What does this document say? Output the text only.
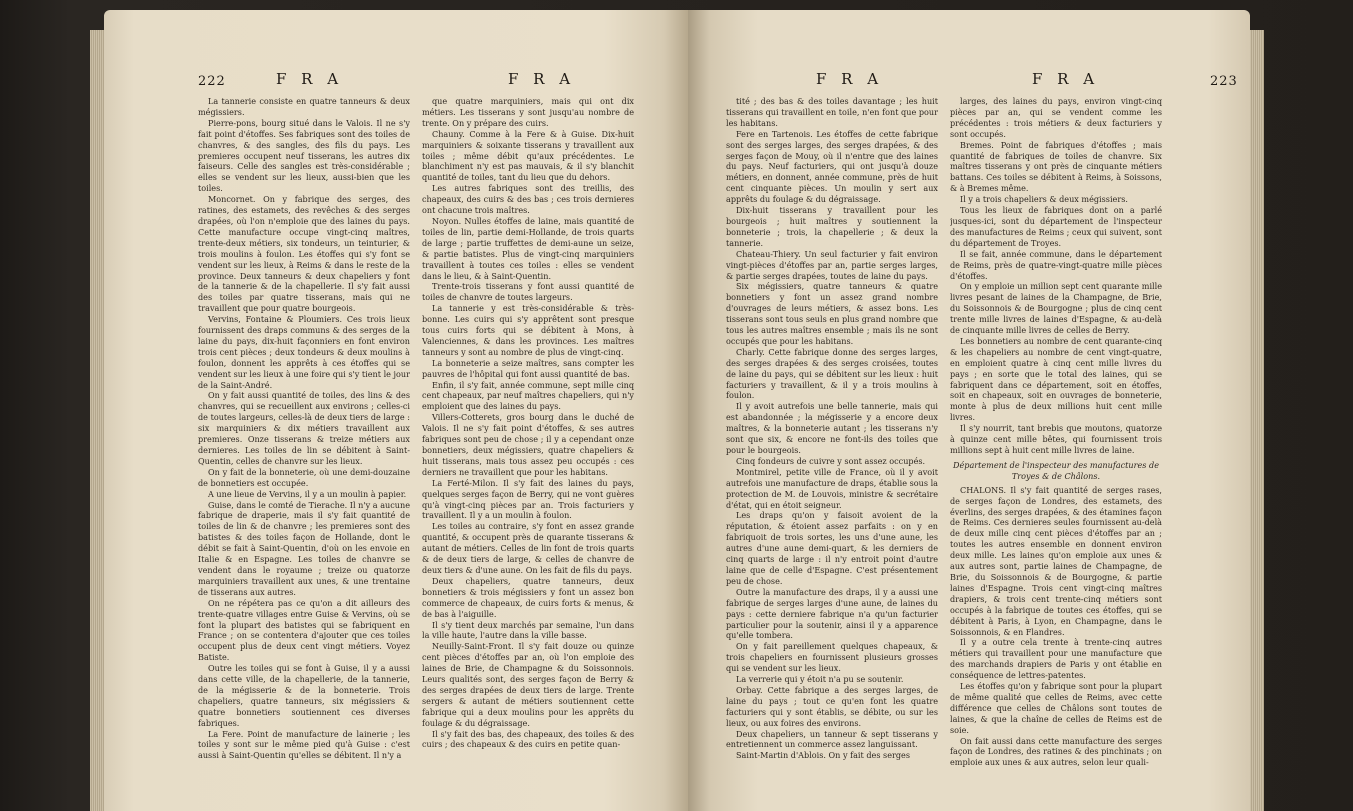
222	F R A	F R A

La tannerie consiste en quatre tanneurs & deux mégissiers.

Pierre-pons, bourg situé dans le Valois. Il ne s'y fait point d'étoffes. Ses fabriques sont des toiles de chanvres, & des sangles, des fils du pays. Les premieres occupent neuf tisserans, les autres dix faiseurs. Celle des sangles est très-considérable ; elles se vendent sur les lieux, aussi-bien que les toiles.

Moncornet. On y fabrique des serges, des ratines, des estamets, des revêches & des serges drapées, où l'on n'emploie que des laines du pays. Cette manufacture occupe vingt-cinq maîtres, trente-deux métiers, six tondeurs, un teinturier, & trois moulins à foulon. Les étoffes qui s'y font se vendent sur les lieux, à Reims & dans le reste de la province. Deux tanneurs & deux chapeliers y font de la tannerie & de la chapellerie. Il s'y fait aussi des toiles par quatre tisserans, mais qui ne travaillent que pour quatre bourgeois.

Vervins, Fontaine & Ploumiers. Ces trois lieux fournissent des draps communs & des serges de la laine du pays, dix-huit façonniers en font environ trois cent pièces ; deux tondeurs & deux moulins à foulon, donnent les apprêts à ces étoffes qui se vendent sur les lieux à une foire qui s'y tient le jour de la Saint-André.

On y fait aussi quantité de toiles, des lins & des chanvres, qui se recueillent aux environs ; celles-ci de toutes largeurs, celles-là de deux tiers de large : six marquiniers & dix métiers travaillent aux premieres. Onze tisserans & treize métiers aux dernieres. Les toiles de lin se débitent à Saint-Quentin, celles de chanvre sur les lieux.

On y fait de la bonneterie, où une demi-douzaine de bonnetiers est occupée.

A une lieue de Vervins, il y a un moulin à papier.

Guise, dans le comté de Tierache. Il n'y a aucune fabrique de draperie, mais il s'y fait quantité de toiles de lin & de chanvre ; les premieres sont des batistes & des toiles façon de Hollande, dont le débit se fait à Saint-Quentin, d'où on les envoie en Italie & en Espagne. Les toiles de chanvre se vendent dans le royaume ; treize ou quatorze marquiniers travaillent aux unes, & une trentaine de tisserans aux autres.

On ne répétera pas ce qu'on a dit ailleurs des trente-quatre villages entre Guise & Vervins, où se font la plupart des batistes qui se fabriquent en France ; on se contentera d'ajouter que ces toiles occupent plus de deux cent vingt métiers. Voyez Batiste.

Outre les toiles qui se font à Guise, il y a aussi dans cette ville, de la chapellerie, de la tannerie, de la mégisserie & de la bonneterie. Trois chapeliers, quatre tanneurs, six mégissiers & quatre bonnetiers soutiennent ces diverses fabriques.

La Fere. Point de manufacture de lainerie ; les toiles y sont sur le même pied qu'à Guise : c'est aussi à Saint-Quentin qu'elles se débitent. Il n'y a

que quatre marquiniers, mais qui ont dix métiers. Les tisserans y sont jusqu'au nombre de trente. On y prépare des cuirs.

Chauny. Comme à la Fere & à Guise. Dix-huit marquiniers & soixante tisserans y travaillent aux toiles ; même débit qu'aux précédentes. Le blanchiment n'y est pas mauvais, & il s'y blanchit quantité de toiles, tant du lieu que du dehors.

Les autres fabriques sont des treillis, des chapeaux, des cuirs & des bas ; ces trois dernieres ont chacune trois maîtres.

Noyon. Nulles étoffes de laine, mais quantité de toiles de lin, partie demi-Hollande, de trois quarts de large ; partie truffettes de demi-aune un seize, & partie batistes. Plus de vingt-cinq marquiniers travaillent à toutes ces toiles : elles se vendent dans le lieu, & à Saint-Quentin.

Trente-trois tisserans y font aussi quantité de toiles de chanvre de toutes largeurs.

La tannerie y est très-considérable & très-bonne. Les cuirs qui s'y apprêtent sont presque tous cuirs forts qui se débitent à Mons, à Valenciennes, & dans les provinces. Les maîtres tanneurs y sont au nombre de plus de vingt-cinq.

La bonneterie a seize maîtres, sans compter les pauvres de l'hôpital qui font aussi quantité de bas.

Enfin, il s'y fait, année commune, sept mille cinq cent chapeaux, par neuf maîtres chapeliers, qui n'y emploient que des laines du pays.

Villers-Cotterets, gros bourg dans le duché de Valois. Il ne s'y fait point d'étoffes, & ses autres fabriques sont peu de chose ; il y a cependant onze bonnetiers, deux mégissiers, quatre chapeliers & huit tisserans, mais tous assez peu occupés : ces derniers ne travaillent que pour les habitans.

La Ferté-Milon. Il s'y fait des laines du pays, quelques serges façon de Berry, qui ne vont guères qu'à vingt-cinq pièces par an. Trois facturiers y travaillent. Il y a un moulin à foulon.

Les toiles au contraire, s'y font en assez grande quantité, & occupent près de quarante tisserans & autant de métiers. Celles de lin font de trois quarts & de deux tiers de large, & celles de chanvre de deux tiers & d'une aune. On les fait de fils du pays.

Deux chapeliers, quatre tanneurs, deux bonnetiers & trois mégissiers y font un assez bon commerce de chapeaux, de cuirs forts & menus, & de bas à l'aiguille.

Il s'y tient deux marchés par semaine, l'un dans la ville haute, l'autre dans la ville basse.

Neuilly-Saint-Front. Il s'y fait douze ou quinze cent pièces d'étoffes par an, où l'on emploie des laines de Brie, de Champagne & du Soissonnois. Leurs qualités sont, des serges façon de Berry & des serges drapées de deux tiers de large. Trente sergers & autant de métiers soutiennent cette fabrique qui a deux moulins pour les apprêts du foulage & du dégraissage.

Il s'y fait des bas, des chapeaux, des toiles & des cuirs ; des chapeaux & des cuirs en petite quan-

F R A	F R A	223

tité ; des bas & des toiles davantage ; les huit tisserans qui travaillent en toile, n'en font que pour les habitans.

Fere en Tartenois. Les étoffes de cette fabrique sont des serges larges, des serges drapées, & des serges façon de Mouy, où il n'entre que des laines du pays. Neuf facturiers, qui ont jusqu'à douze métiers, en donnent, année commune, près de huit cent cinquante pièces. Un moulin y sert aux apprêts du foulage & du dégraissage.

Dix-huit tisserans y travaillent pour les bourgeois ; huit maîtres y soutiennent la bonneterie ; trois, la chapellerie ; & deux la tannerie.

Chateau-Thiery. Un seul facturier y fait environ vingt-pièces d'étoffes par an, partie serges larges, & partie serges drapées, toutes de laine du pays.

Six mégissiers, quatre tanneurs & quatre bonnetiers y font un assez grand nombre d'ouvrages de leurs métiers, & assez bons. Les tisserans sont tous seuls en plus grand nombre que tous les autres maîtres ensemble ; mais ils ne sont occupés que pour les habitans.

Charly. Cette fabrique donne des serges larges, des serges drapées & des serges croisées, toutes de laine du pays, qui se débitent sur les lieux : huit facturiers y travaillent, & il y a trois moulins à foulon.

Il y avoit autrefois une belle tannerie, mais qui est abandonnée ; la mégisserie y a encore deux maîtres, & la bonneterie autant ; les tisserans n'y sont que six, & encore ne font-ils des toiles que pour le bourgeois.

Cinq fondeurs de cuivre y sont assez occupés.

Montmirel, petite ville de France, où il y avoit autrefois une manufacture de draps, établie sous la protection de M. de Louvois, ministre & secrétaire d'état, qui en étoit seigneur.

Les draps qu'on y faisoit avoient de la réputation, & étoient assez parfaits : on y en fabriquoit de trois sortes, les uns d'une aune, les autres d'une aune demi-quart, & les derniers de cinq quarts de large : il n'y entroit point d'autre laine que de celle d'Espagne. C'est présentement peu de chose.

Outre la manufacture des draps, il y a aussi une fabrique de serges larges d'une aune, de laines du pays : cette derniere fabrique n'a qu'un facturier particulier pour la soutenir, ainsi il y a apparence qu'elle tombera.

On y fait pareillement quelques chapeaux, & trois chapeliers en fournissent plusieurs grosses qui se vendent sur les lieux.

La verrerie qui y étoit n'a pu se soutenir.

Orbay. Cette fabrique a des serges larges, de laine du pays ; tout ce qu'en font les quatre facturiers qui y sont établis, se débite, ou sur les lieux, ou aux foires des environs.

Deux chapeliers, un tanneur & sept tisserans y entretiennent un commerce assez languissant.

Saint-Martin d'Ablois. On y fait des serges

larges, des laines du pays, environ vingt-cinq pièces par an, qui se vendent comme les précédentes : trois métiers & deux facturiers y sont occupés.

Bremes. Point de fabriques d'étoffes ; mais quantité de fabriques de toiles de chanvre. Six maîtres tisserans y ont près de cinquante métiers battans. Ces toiles se débitent à Reims, à Soissons, & à Bremes même.

Il y a trois chapeliers & deux mégissiers.

Tous les lieux de fabriques dont on a parlé jusques-ici, sont du département de l'inspecteur des manufactures de Reims ; ceux qui suivent, sont du département de Troyes.

Il se fait, année commune, dans le département de Reims, près de quatre-vingt-quatre mille pièces d'étoffes.

On y emploie un million sept cent quarante mille livres pesant de laines de la Champagne, de Brie, du Soissonnois & de Bourgogne ; plus de cinq cent trente mille livres de laines d'Espagne, & au-delà de cinquante mille livres de celles de Berry.

Les bonnetiers au nombre de cent quarante-cinq & les chapeliers au nombre de cent vingt-quatre, en emploient quatre à cinq cent mille livres du pays ; en sorte que le total des laines, qui se fabriquent dans ce département, soit en étoffes, soit en chapeaux, soit en ouvrages de bonneterie, monte à plus de deux millions huit cent mille livres.

Il s'y nourrit, tant brebis que moutons, quatorze à quinze cent mille bêtes, qui fournissent trois millions sept à huit cent mille livres de laine.

Département de l'inspecteur des manufactures de Troyes & de Châlons.

CHALONS. Il s'y fait quantité de serges rases, de serges façon de Londres, des estamets, des éverlins, des serges drapées, & des étamines façon de Reims. Ces dernieres seules fournissent au-delà de deux mille cinq cent pièces d'étoffes par an ; toutes les autres ensemble en donnent environ deux mille. Les laines qu'on emploie aux unes & aux autres sont, partie laines de Champagne, de Brie, du Soissonnois & de Bourgogne, & partie laines d'Espagne. Trois cent vingt-cinq maîtres drapiers, & trois cent trente-cinq métiers sont occupés à la fabrique de toutes ces étoffes, qui se débitent à Paris, à Lyon, en Champagne, dans le Soissonnois, & en Flandres.

Il y a outre cela trente à trente-cinq autres métiers qui travaillent pour une manufacture que des marchands drapiers de Paris y ont établie en conséquence de lettres-patentes.

Les étoffes qu'on y fabrique sont pour la plupart de même qualité que celles de Reims, avec cette différence que celles de Châlons sont toutes de laines, & que la chaîne de celles de Reims est de soie.

On fait aussi dans cette manufacture des serges façon de Londres, des ratines & des pinchinats ; on emploie aux unes & aux autres, selon leur quali-
